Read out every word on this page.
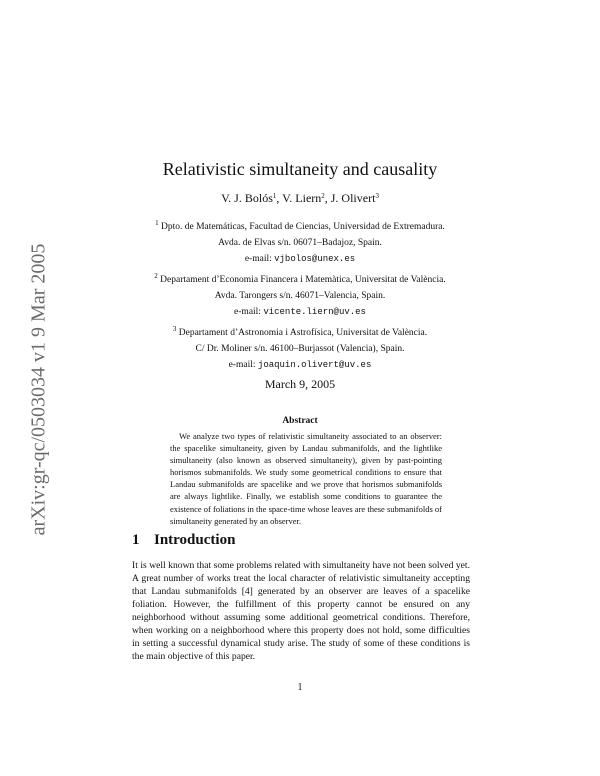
arXiv:gr-qc/0503034 v1 9 Mar 2005
Relativistic simultaneity and causality
V. J. Bolós$^1$, V. Liern$^2$, J. Olivert$^3$
$^1$ Dpto. de Matemáticas, Facultad de Ciencias, Universidad de Extremadura.
Avda. de Elvas s/n. 06071–Badajoz, Spain.
e-mail: vjbolos@unex.es
$^2$ Departament d’Economia Financera i Matemàtica, Universitat de València.
Avda. Tarongers s/n. 46071–Valencia, Spain.
e-mail: vicente.liern@uv.es
$^3$ Departament d’Astronomia i Astrofísica, Universitat de València.
C/ Dr. Moliner s/n. 46100–Burjassot (Valencia), Spain.
e-mail: joaquin.olivert@uv.es
March 9, 2005
Abstract

We analyze two types of relativistic simultaneity associated to an observer: the spacelike simultaneity, given by Landau submanifolds, and the lightlike simultaneity (also known as observed simultaneity), given by past-pointing horismos submanifolds. We study some geometrical conditions to ensure that Landau submanifolds are spacelike and we prove that horismos submanifolds are always lightlike. Finally, we establish some conditions to guarantee the existence of foliations in the space-time whose leaves are these submanifolds of simultaneity generated by an observer.

1 Introduction

It is well known that some problems related with simultaneity have not been solved yet. A great number of works treat the local character of relativistic simultaneity accepting that Landau submanifolds [4] generated by an observer are leaves of a spacelike foliation. However, the fulfillment of this property cannot be ensured on any neighborhood without assuming some additional geometrical conditions. Therefore, when working on a neighborhood where this property does not hold, some difficulties in setting a successful dynamical study arise. The study of some of these conditions is the main objective of this paper.

1
